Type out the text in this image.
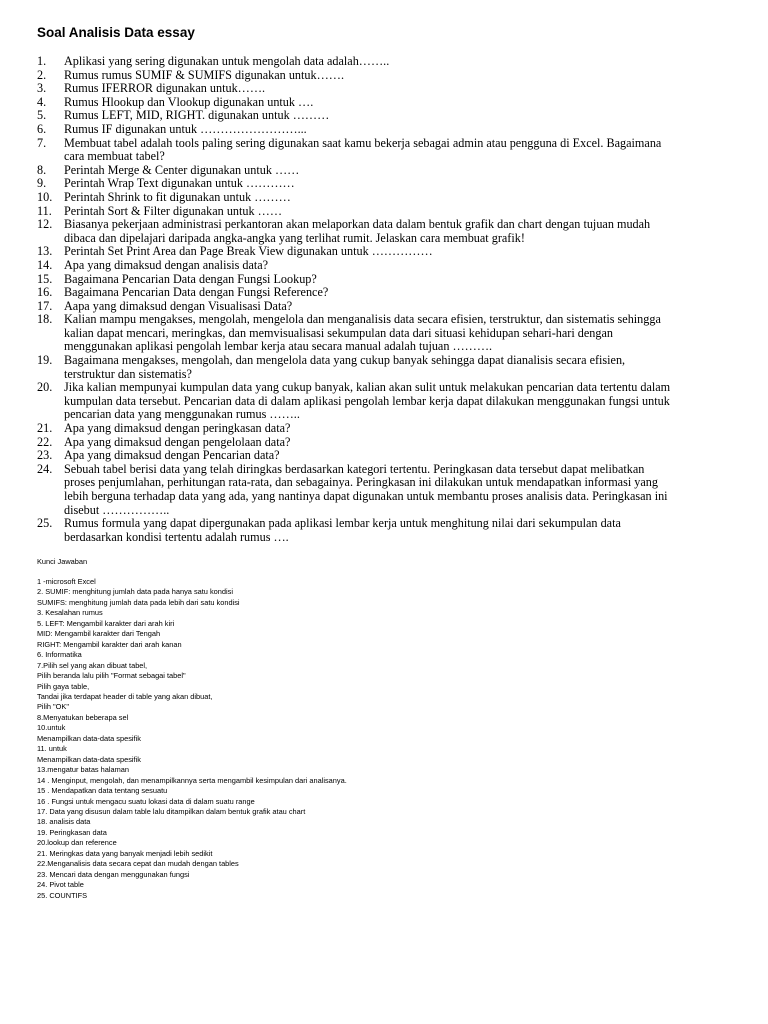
Soal Analisis Data essay
1.	Aplikasi yang sering digunakan untuk mengolah data adalah……..
2.	Rumus rumus SUMIF & SUMIFS digunakan untuk…….
3.	Rumus IFERROR digunakan untuk…….
4.	Rumus Hlookup dan Vlookup digunakan untuk ….
5.	Rumus LEFT, MID, RIGHT. digunakan untuk ………
6.	Rumus IF digunakan untuk ……………………...
7.	Membuat tabel adalah tools paling sering digunakan saat kamu bekerja sebagai admin atau pengguna di Excel. Bagaimana
cara membuat tabel?
8.	Perintah Merge & Center digunakan untuk ……
9.	Perintah Wrap Text digunakan untuk …………
10. Perintah Shrink to fit digunakan untuk ………
11.	Perintah Sort & Filter digunakan untuk ……
12. Biasanya pekerjaan administrasi perkantoran akan melaporkan data dalam bentuk grafik dan chart dengan tujuan mudah
dibaca dan dipelajari daripada angka-angka yang terlihat rumit. Jelaskan cara membuat grafik!
13. Perintah Set Print Area dan Page Break View digunakan untuk ……………
14. Apa yang dimaksud dengan analisis data?
15. Bagaimana Pencarian Data dengan Fungsi Lookup?
16. Bagaimana Pencarian Data dengan Fungsi Reference?
17. Aapa yang dimaksud dengan Visualisasi Data?
18. Kalian mampu mengakses, mengolah, mengelola dan menganalisis data secara efisien, terstruktur, dan sistematis sehingga
kalian dapat mencari, meringkas, dan memvisualisasi sekumpulan data dari situasi kehidupan sehari-hari dengan
menggunakan aplikasi pengolah lembar kerja atau secara manual adalah tujuan ……….
19. Bagaimana mengakses, mengolah, dan mengelola data yang cukup banyak sehingga dapat dianalisis secara efisien,
terstruktur dan sistematis?
20. Jika kalian mempunyai kumpulan data yang cukup banyak, kalian akan sulit untuk melakukan pencarian data tertentu dalam
kumpulan data tersebut. Pencarian data di dalam aplikasi pengolah lembar kerja dapat dilakukan menggunakan fungsi untuk
pencarian data yang menggunakan rumus ……..
21. Apa yang dimaksud dengan peringkasan data?
22. Apa yang dimaksud dengan pengelolaan data?
23. Apa yang dimaksud dengan Pencarian data?
24. Sebuah tabel berisi data yang telah diringkas berdasarkan kategori tertentu. Peringkasan data tersebut dapat melibatkan
proses penjumlahan, perhitungan rata-rata, dan sebagainya. Peringkasan ini dilakukan untuk mendapatkan informasi yang
lebih berguna terhadap data yang ada, yang nantinya dapat digunakan untuk membantu proses analisis data. Peringkasan ini
disebut ……………..
25. Rumus formula yang dapat dipergunakan pada aplikasi lembar kerja untuk menghitung nilai dari sekumpulan data
berdasarkan kondisi tertentu adalah rumus ….
Kunci Jawaban
1 -microsoft Excel
2. SUMIF: menghitung jumlah data pada hanya satu kondisi
SUMIFS: menghitung jumlah data pada lebih dari satu kondisi
3. Kesalahan rumus
5. LEFT: Mengambil karakter dari arah kiri
MID: Mengambil karakter dari Tengah
RIGHT: Mengambil karakter dari arah kanan
6. Informatika
7.Pilih sel yang akan dibuat tabel,
Pilih beranda lalu pilih "Format sebagai tabel"
Pilih gaya table,
Tandai jika terdapat header di table yang akan dibuat,
Pilih "OK"
8.Menyatukan beberapa sel
10.untuk
Menampilkan data-data spesifik
11. untuk
Menampilkan data-data spesifik
13.mengatur batas halaman
14 . Menginput, mengolah, dan menampilkannya serta mengambil kesimpulan dari analisanya.
15 . Mendapatkan data tentang sesuatu
16 . Fungsi untuk mengacu suatu lokasi data di dalam suatu range
17. Data yang disusun dalam table lalu ditampilkan dalam bentuk grafik atau chart
18. analisis data
19. Peringkasan data
20.lookup dan reference
21. Meringkas data yang banyak menjadi lebih sedikit
22.Menganalisis data secara cepat dan mudah dengan tables
23. Mencari data dengan menggunakan fungsi
24. Pivot table
25. COUNTIFS
